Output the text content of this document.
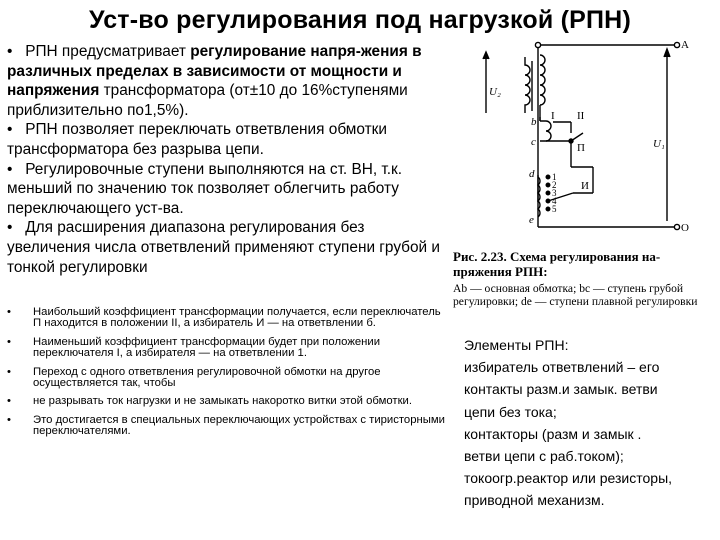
Уст-во регулирования под нагрузкой (РПН)

•   РПН предусматривает регулирование напря-жения в различных пределах в зависимости от мощности и напряжения трансформатора (от±10 до 16%ступенями приблизительно по1,5%).

•   РПН позволяет переключать ответвления обмотки трансформатора без разрыва цепи.

•   Регулировочные ступени выполняются на ст. ВН, т.к. меньший по значению ток позволяет облегчить работу переключающего уст-ва.

•   Для расширения диапазона регулирования без увеличения числа ответвлений применяют ступени грубой и тонкой регулировки

•	Наибольший коэффициент трансформации получается, если переключатель П находится в положении II, а избиратель И — на ответвлении б.
•	Наименьший коэффициент трансформации будет при положении переключателя I, а избирателя — на ответвлении 1.
•	Переход с одного ответвления регулировочной обмотки на другое осуществляется так, чтобы
•	не разрывать ток нагрузки и не замыкать накоротко витки этой обмотки.
•	Это достигается в специальных переключающих устройствах с тиристорными переключателями.
A
O
U₂
U₁
I II
П
И
b
c
d
e
1
2
3
4
5
Рис. 2.23. Схема регулирования на-пряжения РПН:
Ab — основная обмотка; bc — ступень грубой регулировки; de — ступени плавной регулировки
Элементы РПН:
избиратель ответвлений – его
контакты разм.и замык. ветви
цепи без тока;
контакторы (разм и замык .
ветви цепи с раб.током);
токоогр.реактор или резисторы,
приводной механизм.
